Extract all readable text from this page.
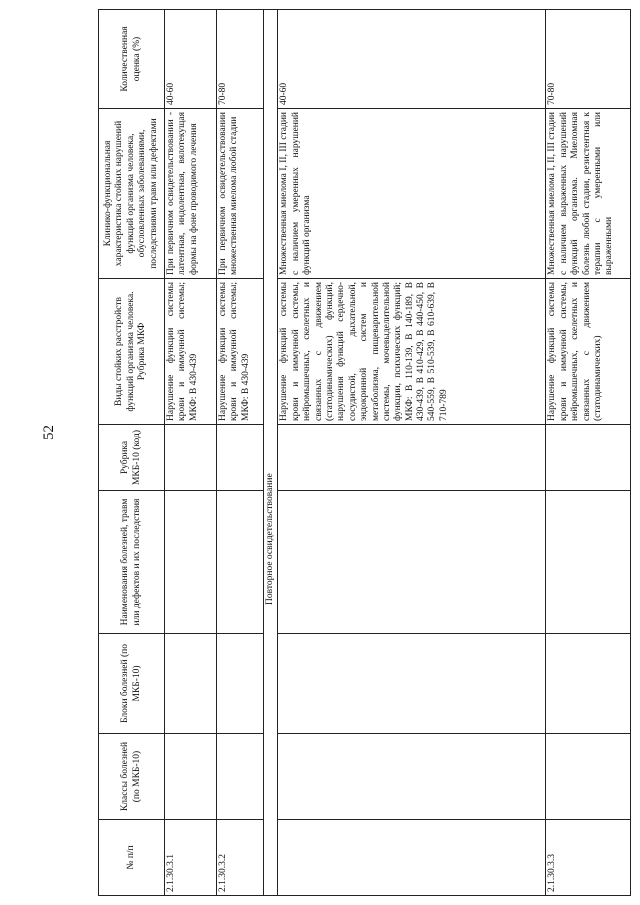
52
№ п/п	Классы болезней (по МКБ-10)	Блоки болезней (по МКБ-10)	Наименования болезней, травм или дефектов и их последствия	Рубрика МКБ-10 (код)	Виды стойких расстройств функций организма человека. Рубрика МКФ	Клинико-функциональная характеристика стойких нарушений функций организма человека, обусловленных заболеваниями, последствиями травм или дефектами	Количественная оценка (%)
2.1.30.3.1					Нарушение функции системы крови и иммунной системы; МКФ: В 430-439	При первичном освидетельствовании - латентная, индолентная, вялотекущая формы на фоне проводимого лечения	40-60
2.1.30.3.2					Нарушение функции системы крови и иммунной системы; МКФ: В 430-439	При первичном освидетельствовании множественная миелома любой стадии	70-80
Повторное освидетельствование							
					Нарушение функций системы крови и иммунной системы, нейромышечных, скелетных и связанных с движением (статодинамических) функций, нарушения функций сердечно-сосудистой, дыхательной, эндокринной систем и метаболизма, пищеварительной системы, мочевыделительной функции, психических функций; МКФ: В 110-139, В 140-189, В 430-439, В 410-429, В 440-450, В 540-559, В 510-539, В 610-639, В 710-789	Множественная миелома I, II, III стадии с наличием умеренных нарушений функций организма	40-60
2.1.30.3.3					Нарушение функций системы крови и иммунной системы, нейромышечных, скелетных и связанных с движением (статодинамических)	Множественная миелома I, II, III стадии с наличием выраженных нарушений функций организма. Миеломная болезнь любой стадии, резистентная к терапии с умеренными или выраженными	70-80
